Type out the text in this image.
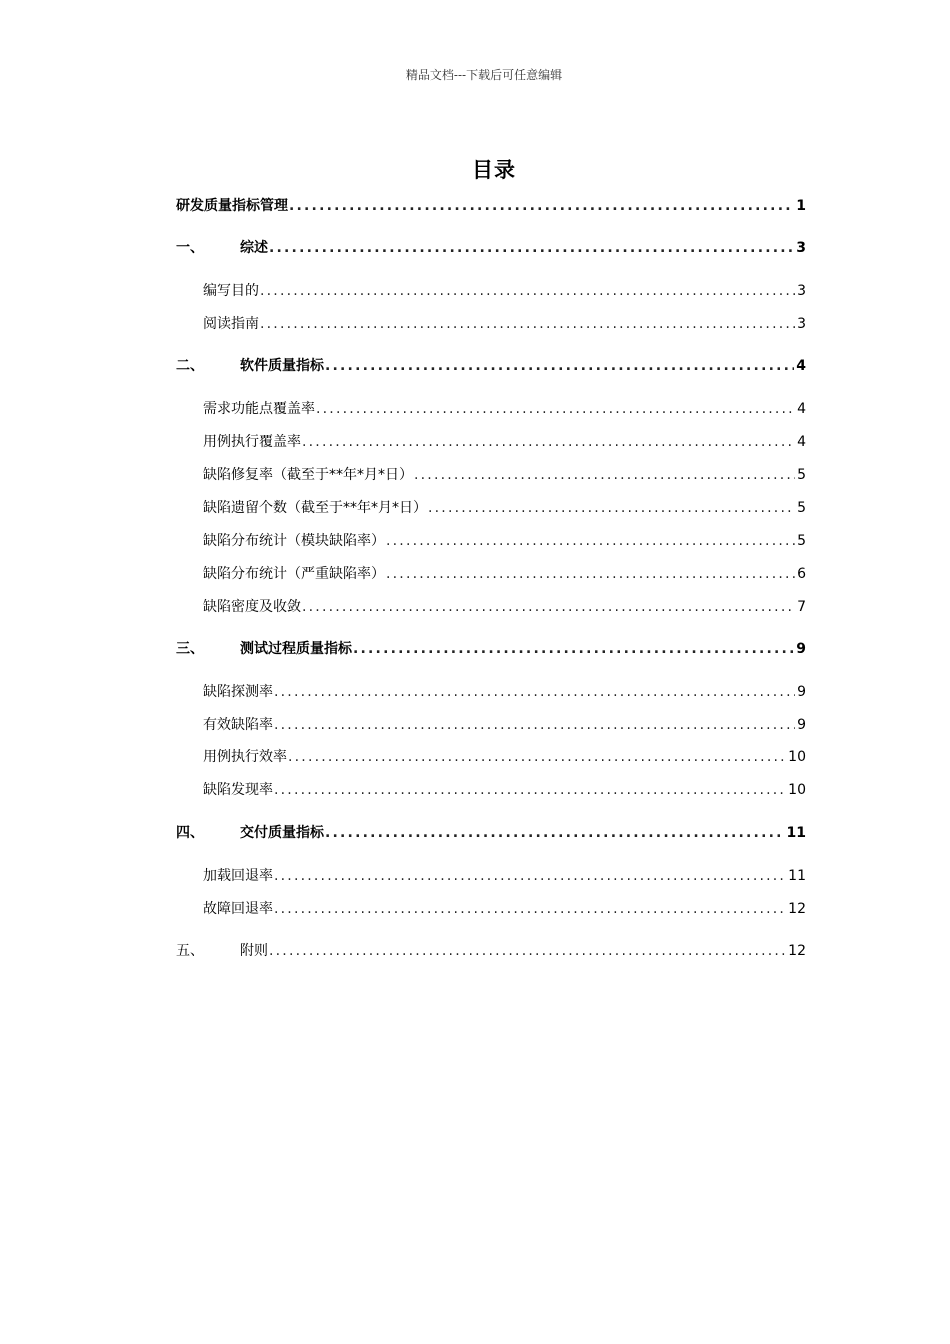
精品文档---下载后可任意编辑
目录
研发质量指标管理 .....	1
一、	综述 .....	3
编写目的 .....	3
阅读指南 .....	3
二、	软件质量指标 .....	4
需求功能点覆盖率 .....	4
用例执行覆盖率 .....	4
缺陷修复率（截至于**年*月*日） .....	5
缺陷遗留个数（截至于**年*月*日） .....	5
缺陷分布统计（模块缺陷率） .....	5
缺陷分布统计（严重缺陷率） .....	6
缺陷密度及收敛 .....	7
三、	测试过程质量指标 .....	9
缺陷探测率 .....	9
有效缺陷率 .....	9
用例执行效率 .....	10
缺陷发现率 .....	10
四、	交付质量指标 .....	11
加载回退率 .....	11
故障回退率 .....	12
五、	附则 .....	12
